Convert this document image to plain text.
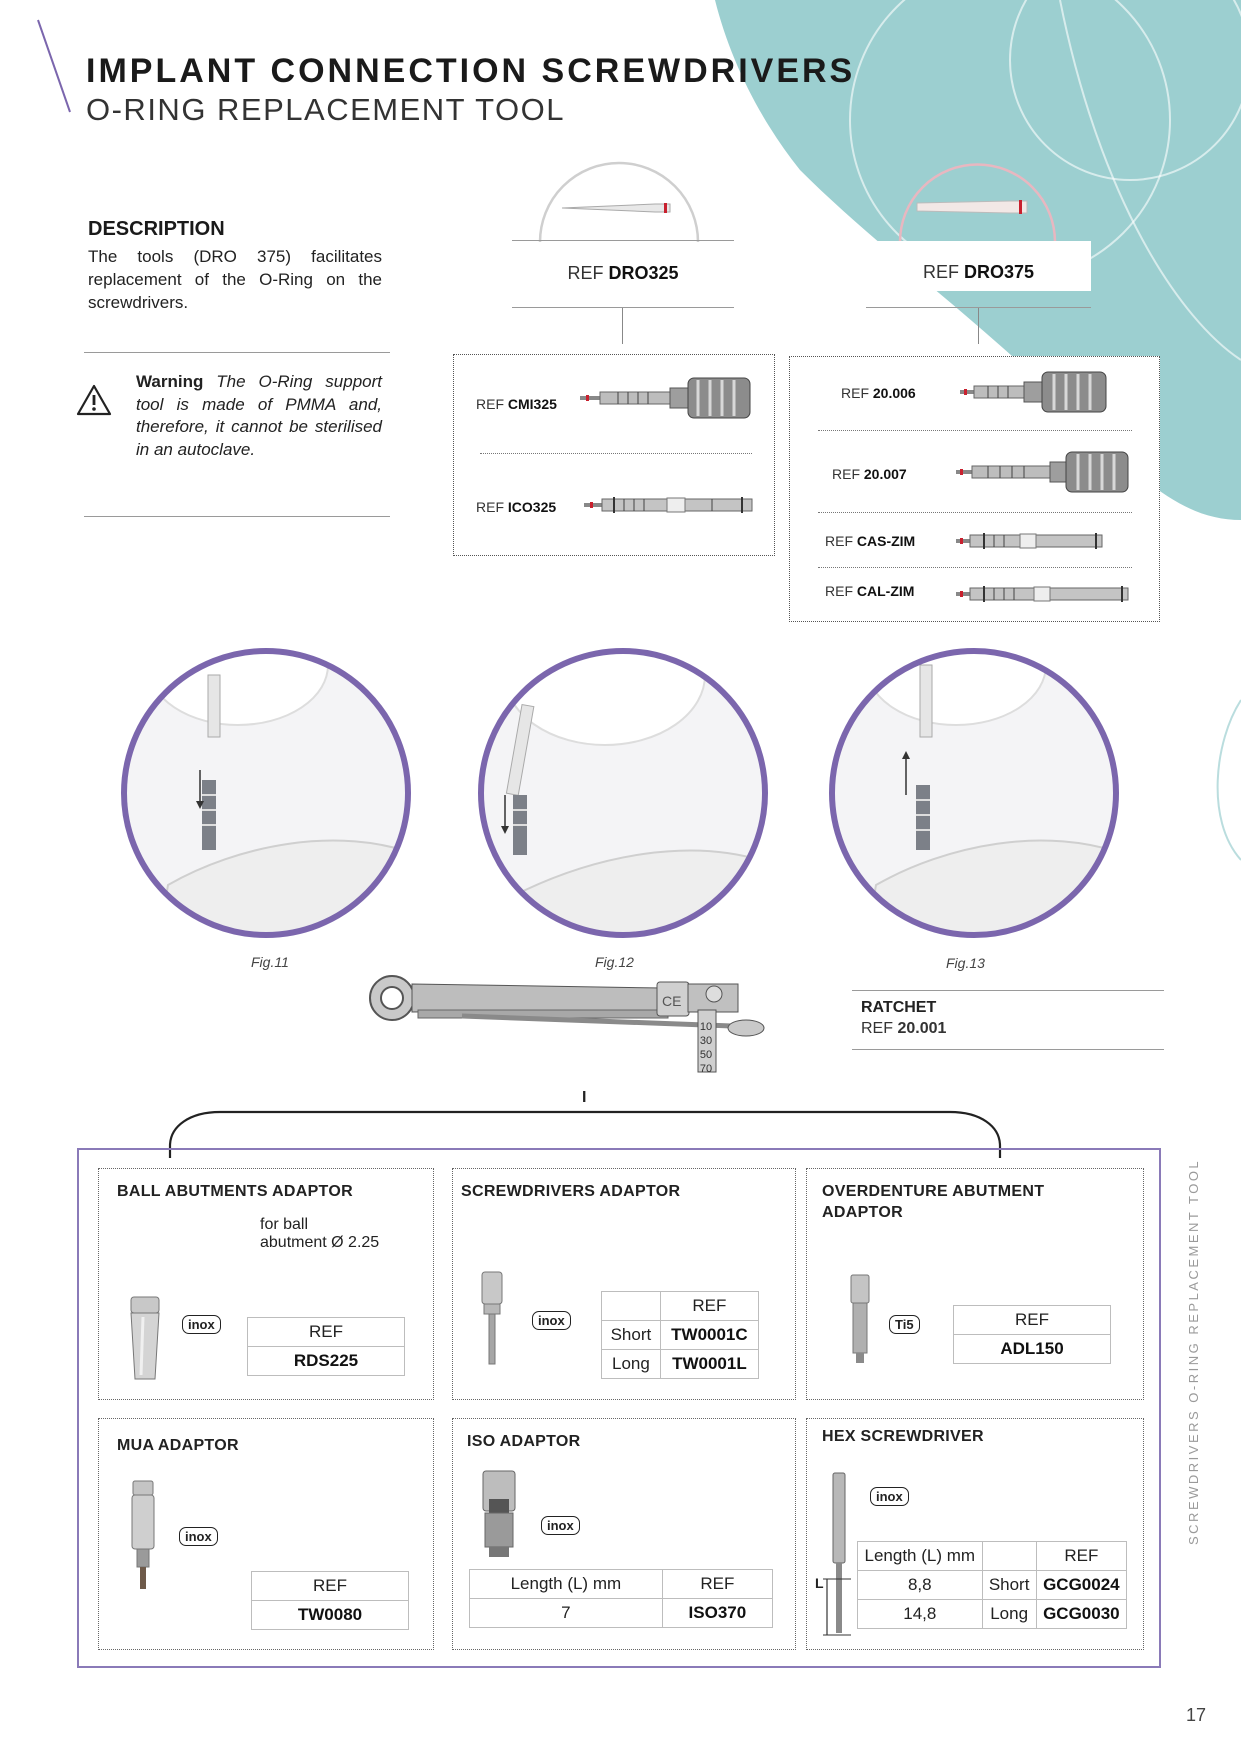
IMPLANT CONNECTION SCREWDRIVERS
O-RING REPLACEMENT TOOL
DESCRIPTION
The tools (DRO 375) facilitates replacement of the O-Ring on the screwdrivers.
Warning The O-Ring support tool is made of PMMA and, therefore, it cannot be sterilised in an autoclave.
REF DRO325	REF DRO375
REF CMI325
REF ICO325
REF 20.006
REF 20.007
REF CAS-ZIM
REF CAL-ZIM
Fig.11	Fig.12	Fig.13
CE
10
30
50
70
RATCHET
REF 20.001
I
BALL ABUTMENTS ADAPTOR
for ball
abutment Ø 2.25
inox	REF
RDS225
SCREWDRIVERS ADAPTOR
inox
	REF
Short	TW0001C
Long	TW0001L
OVERDENTURE ABUTMENT
ADAPTOR
Ti5	REF
ADL150
MUA ADAPTOR
inox
REF
TW0080
ISO ADAPTOR
inox
Length (L) mm	REF
7	ISO370
HEX SCREWDRIVER
L
inox
Length (L) mm		REF
8,8	Short	GCG0024
14,8	Long	GCG0030
SCREWDRIVERS O-RING REPLACEMENT TOOL
17
